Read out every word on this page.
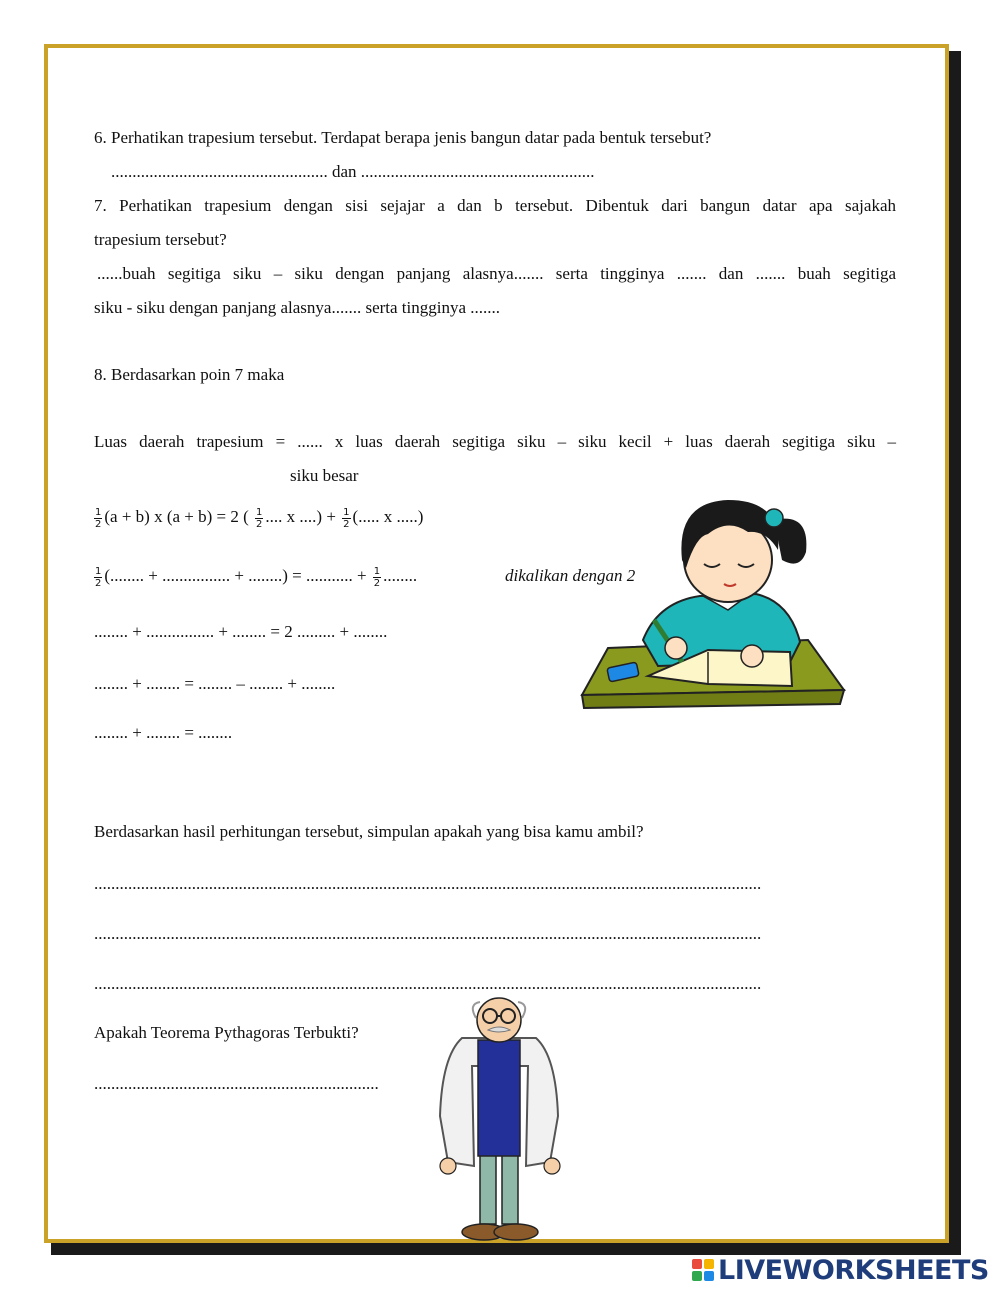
6. Perhatikan trapesium tersebut. Terdapat berapa jenis bangun datar pada bentuk tersebut?
................................................... dan .......................................................
7. Perhatikan trapesium dengan sisi sejajar a dan b tersebut. Dibentuk dari bangun datar apa sajakah
trapesium tersebut?
......buah segitiga siku – siku dengan panjang alasnya....... serta tingginya ....... dan ....... buah segitiga
siku - siku dengan panjang alasnya....... serta tingginya .......
8. Berdasarkan poin 7 maka
Luas daerah trapesium = ...... x luas daerah segitiga siku – siku kecil + luas daerah segitiga siku –
siku besar
$\frac{1}{2} (a + b)$ x (a + b) = 2 ( $\frac{1}{2}$ .... x ....) + $\frac{1}{2}$ (..... x .....)
$\frac{1}{2}$ (........ + ................ + ........) = ........... + $\frac{1}{2}$ ........	dikalikan dengan 2
........ + ................ + ........ = 2 ......... + ........
........ + ........ = ........ – ........ + ........
........ + ........ = ........
Berdasarkan hasil perhitungan tersebut, simpulan apakah yang bisa kamu ambil?
.............................................................................................................................................................
.............................................................................................................................................................
.............................................................................................................................................................
Apakah Teorema Pythagoras Terbukti?
...................................................................
LIVEWORKSHEETS
